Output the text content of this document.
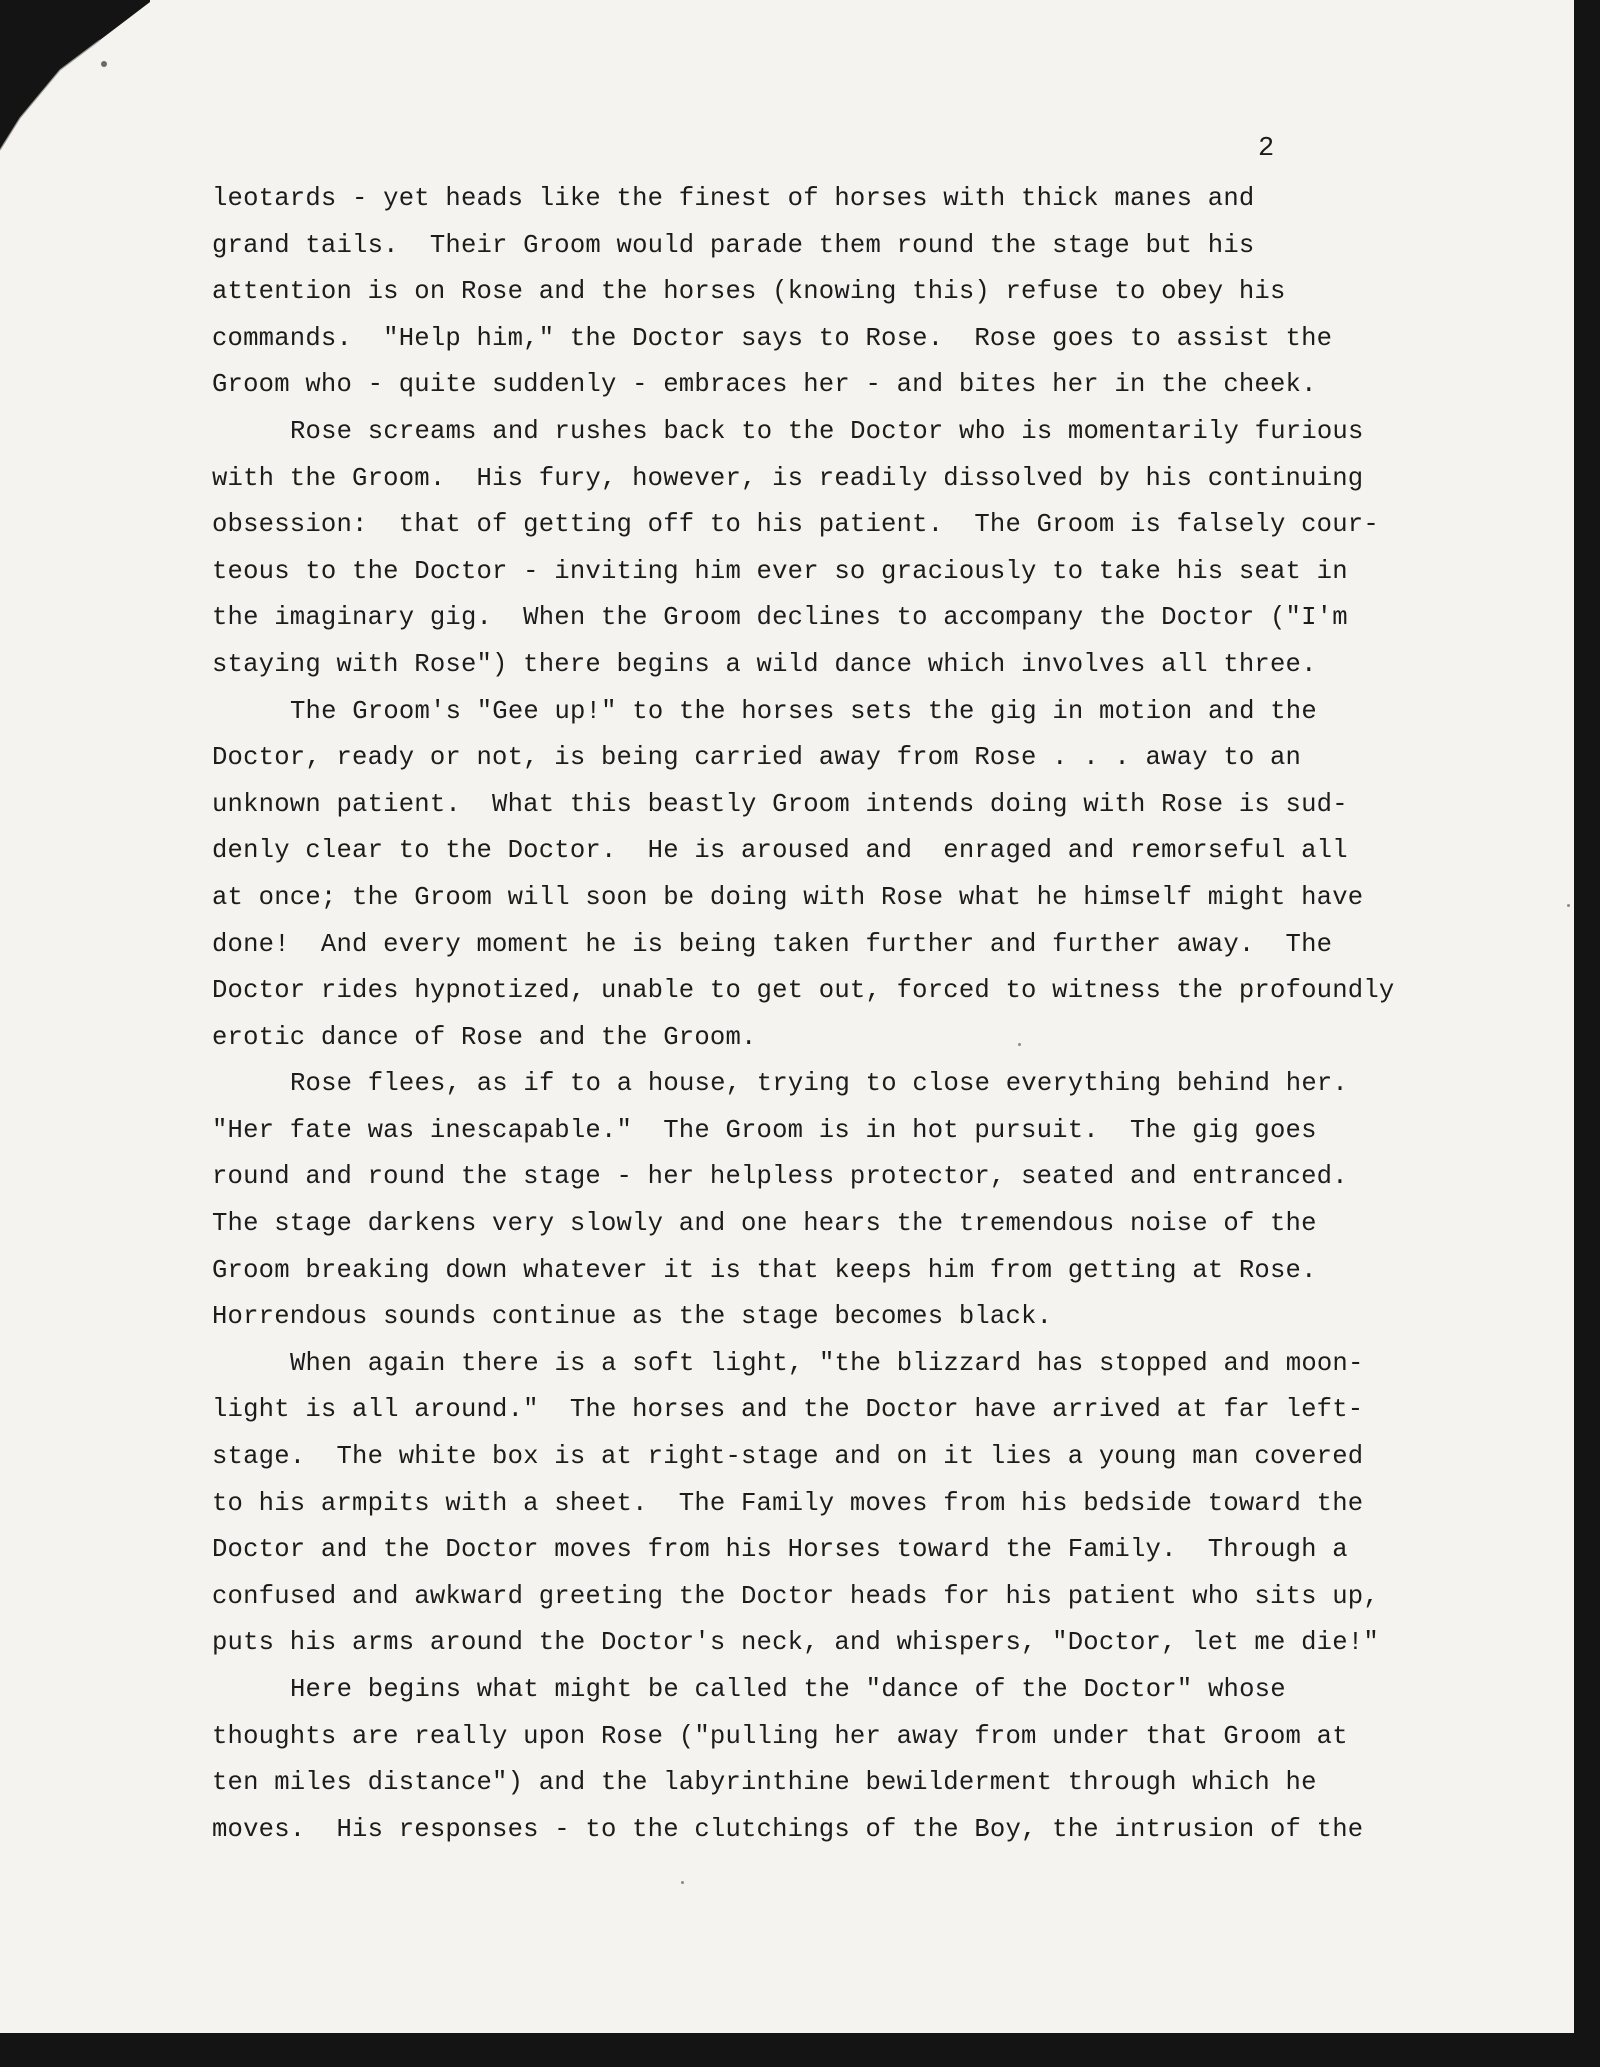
2
leotards - yet heads like the finest of horses with thick manes and
grand tails.  Their Groom would parade them round the stage but his
attention is on Rose and the horses (knowing this) refuse to obey his
commands.  "Help him," the Doctor says to Rose.  Rose goes to assist the
Groom who - quite suddenly - embraces her - and bites her in the cheek.
Rose screams and rushes back to the Doctor who is momentarily furious
with the Groom.  His fury, however, is readily dissolved by his continuing
obsession:  that of getting off to his patient.  The Groom is falsely cour-
teous to the Doctor - inviting him ever so graciously to take his seat in
the imaginary gig.  When the Groom declines to accompany the Doctor ("I'm
staying with Rose") there begins a wild dance which involves all three.
The Groom's "Gee up!" to the horses sets the gig in motion and the
Doctor, ready or not, is being carried away from Rose . . . away to an
unknown patient.  What this beastly Groom intends doing with Rose is sud-
denly clear to the Doctor.  He is aroused and  enraged and remorseful all
at once; the Groom will soon be doing with Rose what he himself might have
done!  And every moment he is being taken further and further away.  The
Doctor rides hypnotized, unable to get out, forced to witness the profoundly
erotic dance of Rose and the Groom.
Rose flees, as if to a house, trying to close everything behind her.
"Her fate was inescapable."  The Groom is in hot pursuit.  The gig goes
round and round the stage - her helpless protector, seated and entranced.
The stage darkens very slowly and one hears the tremendous noise of the
Groom breaking down whatever it is that keeps him from getting at Rose.
Horrendous sounds continue as the stage becomes black.
When again there is a soft light, "the blizzard has stopped and moon-
light is all around."  The horses and the Doctor have arrived at far left-
stage.  The white box is at right-stage and on it lies a young man covered
to his armpits with a sheet.  The Family moves from his bedside toward the
Doctor and the Doctor moves from his Horses toward the Family.  Through a
confused and awkward greeting the Doctor heads for his patient who sits up,
puts his arms around the Doctor's neck, and whispers, "Doctor, let me die!"
Here begins what might be called the "dance of the Doctor" whose
thoughts are really upon Rose ("pulling her away from under that Groom at
ten miles distance") and the labyrinthine bewilderment through which he
moves.  His responses - to the clutchings of the Boy, the intrusion of the
